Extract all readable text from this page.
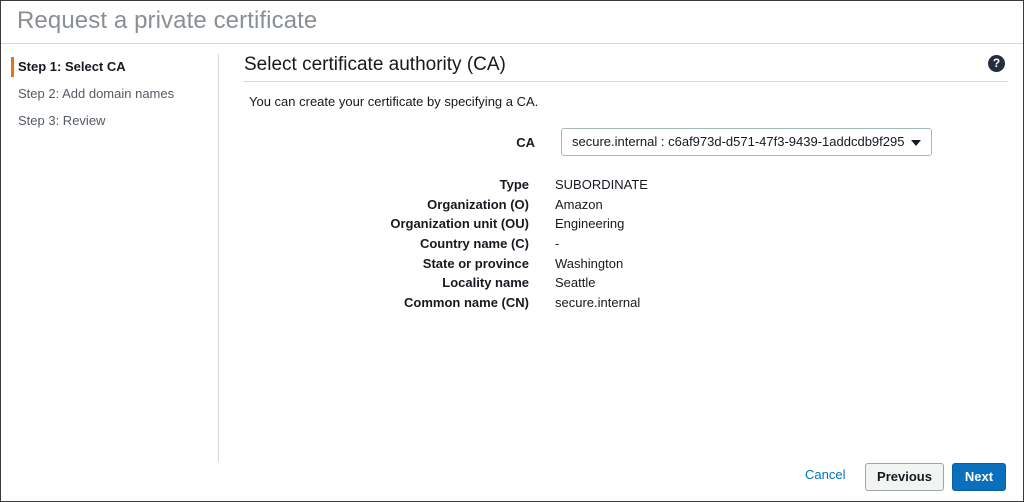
Request a private certificate
Step 1: Select CA
Step 2: Add domain names
Step 3: Review
Select certificate authority (CA)	?
You can create your certificate by specifying a CA.
CA	secure.internal : c6af973d-d571-47f3-9439-1addcdb9f295
Type SUBORDINATE
Organization (O) Amazon
Organization unit (OU) Engineering
Country name (C) -
State or province Washington
Locality name Seattle
Common name (CN) secure.internal
Cancel	Previous	Next
